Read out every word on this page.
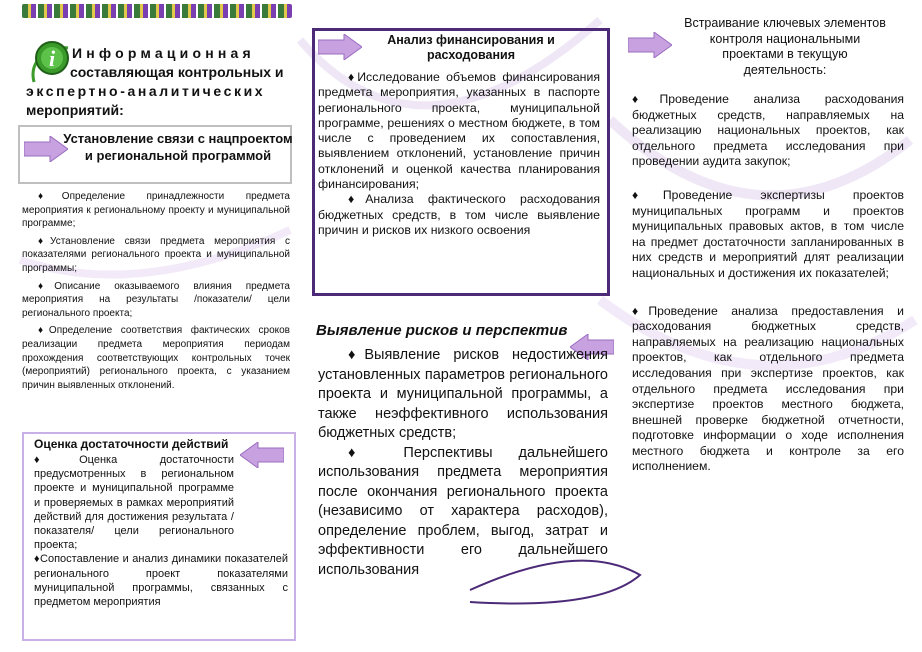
i Информационная
составляющая контрольных и
экспертно-аналитических
мероприятий:
Установление связи с нацпроектом и региональной программой

♦Определение принадлежности предмета мероприятия к региональному проекту и муниципальной программе;

♦Установление связи предмета мероприятия с показателями регионального проекта и муниципальной программы;

♦Описание оказываемого влияния предмета мероприятия на результаты /показатели/ цели регионального проекта;

♦Определение соответствия фактических сроков реализации предмета мероприятия периодам прохождения соответствующих контрольных точек (мероприятий) регионального проекта, с указанием причин выявленных отклонений.

Оценка достаточности действий

♦Оценка достаточности предусмотренных в региональном проекте и муниципальной программе и проверяемых в рамках мероприятий действий для достижения результата /показателя/ цели регионального проекта;

♦Сопоставление и анализ динамики показателей регионального проект показателями муниципальной программы, связанных с предметом мероприятия

Анализ финансирования и расходования

♦Исследование объемов финансирования предмета мероприятия, указанных в паспорте регионального проекта, муниципальной программе, решениях о местном бюджете, в том числе с проведением их сопоставления, выявлением отклонений, установление причин отклонений и оценкой качества планирования финансирования;

♦Анализа фактического расходования бюджетных средств, в том числе выявление причин и рисков их низкого освоения

Выявление рисков и перспектив

♦Выявление рисков недостижения установленных параметров регионального проекта и муниципальной программы, а также неэффективного использования бюджетных средств;

♦ Перспективы дальнейшего использования предмета мероприятия после окончания регионального проекта (независимо от характера расходов), определение проблем, выгод, затрат и эффективности его дальнейшего использования

Встраивание ключевых элементов контроля национальными проектами в текущую деятельность:

♦Проведение анализа расходования бюджетных средств, направляемых на реализацию национальных проектов, как отдельного предмета исследования при проведении аудита закупок;

♦Проведение экспертизы проектов муниципальных программ и проектов муниципальных правовых актов, в том числе на предмет достаточности запланированных в них средств и мероприятий длят реализации национальных и достижения их показателей;

♦Проведение анализа предоставления и расходования бюджетных средств, направляемых на реализацию национальных проектов, как отдельного предмета исследования при экспертизе проектов, как отдельного предмета исследования при экспертизе проектов местного бюджета, внешней проверке бюджетной отчетности, подготовке информации о ходе исполнения местного бюджета и контроле за его исполнением.
